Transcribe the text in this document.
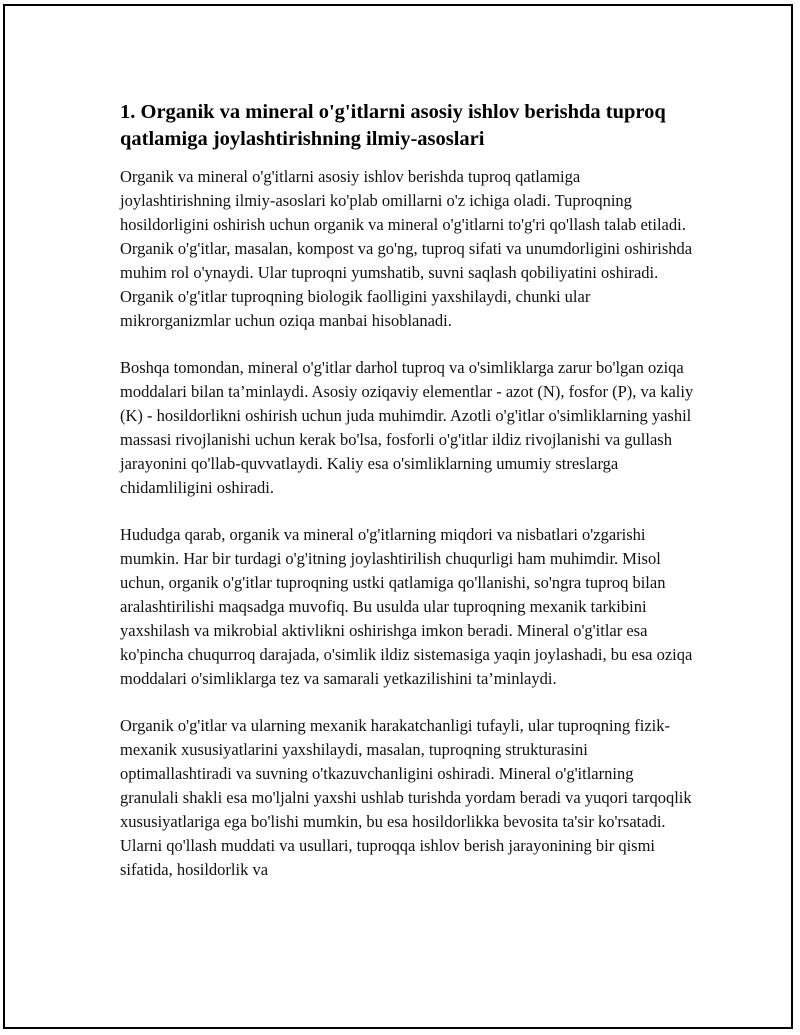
1. Organik va mineral o'g'itlarni asosiy ishlov berishda tuproq qatlamiga joylashtirishning ilmiy-asoslari

Organik va mineral o'g'itlarni asosiy ishlov berishda tuproq qatlamiga joylashtirishning ilmiy-asoslari ko'plab omillarni o'z ichiga oladi. Tuproqning hosildorligini oshirish uchun organik va mineral o'g'itlarni to'g'ri qo'llash talab etiladi. Organik o'g'itlar, masalan, kompost va go'ng, tuproq sifati va unumdorligini oshirishda muhim rol o'ynaydi. Ular tuproqni yumshatib, suvni saqlash qobiliyatini oshiradi. Organik o'g'itlar tuproqning biologik faolligini yaxshilaydi, chunki ular mikrorganizmlar uchun oziqa manbai hisoblanadi.

Boshqa tomondan, mineral o'g'itlar darhol tuproq va o'simliklarga zarur bo'lgan oziqa moddalari bilan ta’minlaydi. Asosiy oziqaviy elementlar - azot (N), fosfor (P), va kaliy (K) - hosildorlikni oshirish uchun juda muhimdir. Azotli o'g'itlar o'simliklarning yashil massasi rivojlanishi uchun kerak bo'lsa, fosforli o'g'itlar ildiz rivojlanishi va gullash jarayonini qo'llab-quvvatlaydi. Kaliy esa o'simliklarning umumiy streslarga chidamliligini oshiradi.

Hududga qarab, organik va mineral o'g'itlarning miqdori va nisbatlari o'zgarishi mumkin. Har bir turdagi o'g'itning joylashtirilish chuqurligi ham muhimdir. Misol uchun, organik o'g'itlar tuproqning ustki qatlamiga qo'llanishi, so'ngra tuproq bilan aralashtirilishi maqsadga muvofiq. Bu usulda ular tuproqning mexanik tarkibini yaxshilash va mikrobial aktivlikni oshirishga imkon beradi. Mineral o'g'itlar esa ko'pincha chuqurroq darajada, o'simlik ildiz sistemasiga yaqin joylashadi, bu esa oziqa moddalari o'simliklarga tez va samarali yetkazilishini ta’minlaydi.

Organik o'g'itlar va ularning mexanik harakatchanligi tufayli, ular tuproqning fizik-mexanik xususiyatlarini yaxshilaydi, masalan, tuproqning strukturasini optimallashtiradi va suvning o'tkazuvchanligini oshiradi. Mineral o'g'itlarning granulali shakli esa mo'ljalni yaxshi ushlab turishda yordam beradi va yuqori tarqoqlik xususiyatlariga ega bo'lishi mumkin, bu esa hosildorlikka bevosita ta'sir ko'rsatadi. Ularni qo'llash muddati va usullari, tuproqqa ishlov berish jarayonining bir qismi sifatida, hosildorlik va
